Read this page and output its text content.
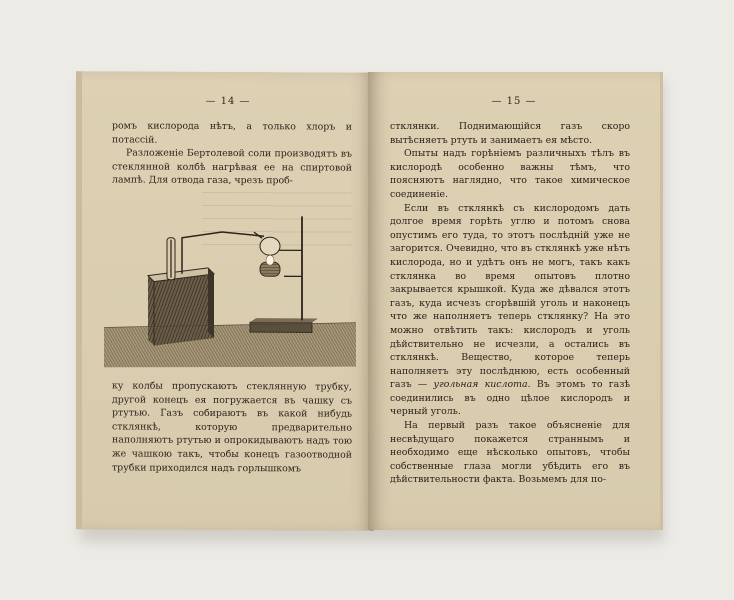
— 14 —

ромъ кислорода нѣтъ, а только хлоръ и потассій.

Разложеніе Бертолевой соли производятъ въ стеклянной колбѣ нагрѣвая ее на спиртовой лампѣ. Для отвода газа, чрезъ проб-

ку колбы пропускаютъ стеклянную трубку, другой конецъ ея погружается въ чашку съ ртутью. Газъ собираютъ въ какой нибудь стклянкѣ, которую предварительно наполняютъ ртутью и опрокидываютъ надъ тою же чашкою такъ, чтобы конецъ газоотводной трубки приходился надъ горлышкомъ

— 15 —

стклянки. Поднимающійся газъ скоро вытѣсняетъ ртуть и занимаетъ ея мѣсто.

Опыты надъ горѣніемъ различныхъ тѣлъ въ кислородѣ особенно важны тѣмъ, что поясняютъ наглядно, что такое химическое соединеніе.

Если въ стклянкѣ съ кислородомъ дать долгое время горѣть углю и потомъ снова опустимъ его туда, то этотъ послѣдній уже не загорится. Очевидно, что въ стклянкѣ уже нѣтъ кислорода, но и удѣтъ онъ не могъ, такъ какъ стклянка во время опытовъ плотно закрывается крышкой. Куда же дѣвался этотъ газъ, куда исчезъ сгорѣвшій уголь и наконецъ что же наполняетъ теперь стклянку? На это можно отвѣтить такъ: кислородъ и уголь дѣйствительно не исчезли, а остались въ стклянкѣ. Вещество, которое теперь наполняетъ эту послѣднюю, есть особенный газъ — угольная кислота. Въ этомъ то газѣ соединились въ одно цѣлое кислородъ и черный уголь.

На первый разъ такое объясненіе для несвѣдущаго покажется страннымъ и необходимо еще нѣсколько опытовъ, чтобы собственные глаза могли убѣдить его въ дѣйствительности факта. Возьмемъ для по-
